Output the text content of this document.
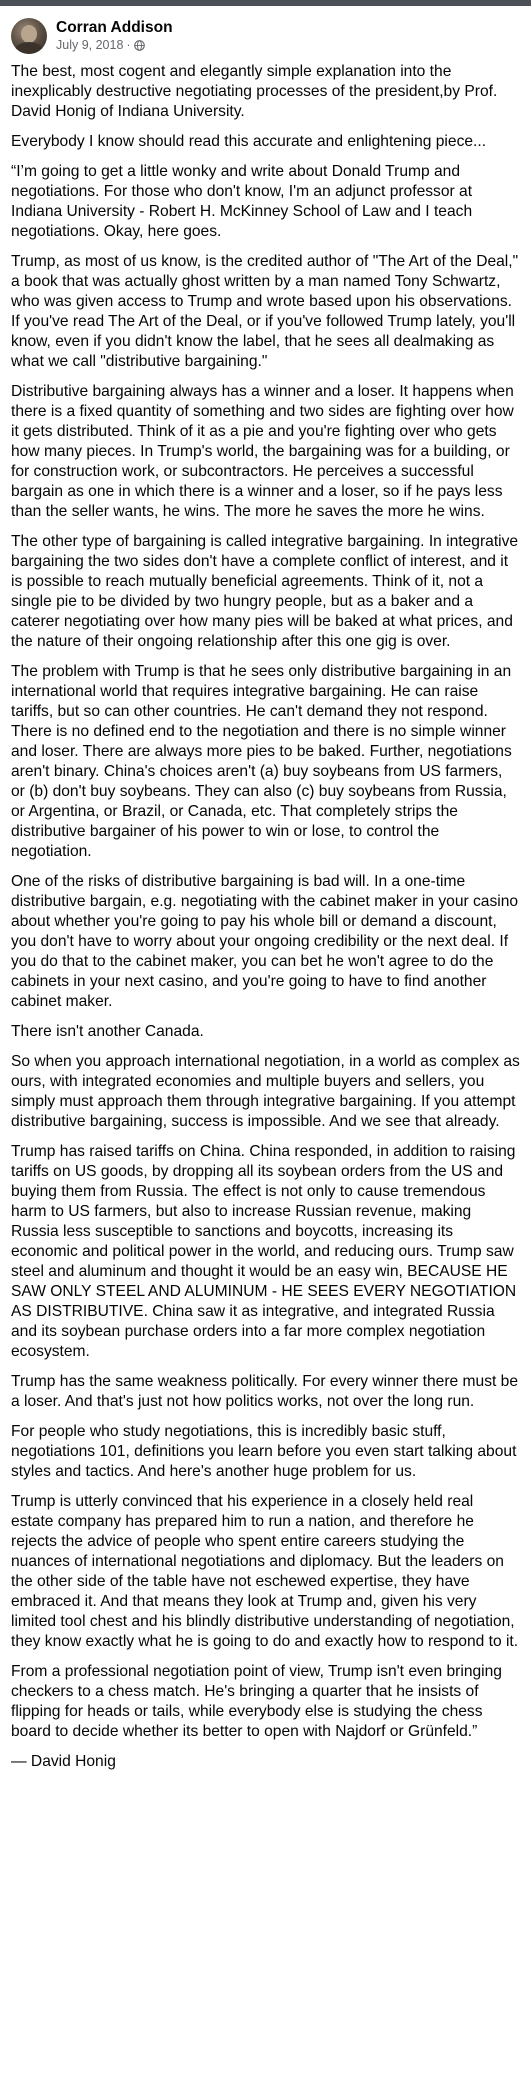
Corran Addison
July 9, 2018 ·

The best, most cogent and elegantly simple explanation into the inexplicably destructive negotiating processes of the president,by Prof. David Honig of Indiana University.

Everybody I know should read this accurate and enlightening piece...

“I’m going to get a little wonky and write about Donald Trump and negotiations. For those who don't know, I'm an adjunct professor at Indiana University - Robert H. McKinney School of Law and I teach negotiations. Okay, here goes.

Trump, as most of us know, is the credited author of "The Art of the Deal," a book that was actually ghost written by a man named Tony Schwartz, who was given access to Trump and wrote based upon his observations. If you've read The Art of the Deal, or if you've followed Trump lately, you'll know, even if you didn't know the label, that he sees all dealmaking as what we call "distributive bargaining."

Distributive bargaining always has a winner and a loser. It happens when there is a fixed quantity of something and two sides are fighting over how it gets distributed. Think of it as a pie and you're fighting over who gets how many pieces. In Trump's world, the bargaining was for a building, or for construction work, or subcontractors. He perceives a successful bargain as one in which there is a winner and a loser, so if he pays less than the seller wants, he wins. The more he saves the more he wins.

The other type of bargaining is called integrative bargaining. In integrative bargaining the two sides don't have a complete conflict of interest, and it is possible to reach mutually beneficial agreements. Think of it, not a single pie to be divided by two hungry people, but as a baker and a caterer negotiating over how many pies will be baked at what prices, and the nature of their ongoing relationship after this one gig is over.

The problem with Trump is that he sees only distributive bargaining in an international world that requires integrative bargaining. He can raise tariffs, but so can other countries. He can't demand they not respond. There is no defined end to the negotiation and there is no simple winner and loser. There are always more pies to be baked. Further, negotiations aren't binary. China's choices aren't (a) buy soybeans from US farmers, or (b) don't buy soybeans. They can also (c) buy soybeans from Russia, or Argentina, or Brazil, or Canada, etc. That completely strips the distributive bargainer of his power to win or lose, to control the negotiation.

One of the risks of distributive bargaining is bad will. In a one-time distributive bargain, e.g. negotiating with the cabinet maker in your casino about whether you're going to pay his whole bill or demand a discount, you don't have to worry about your ongoing credibility or the next deal. If you do that to the cabinet maker, you can bet he won't agree to do the cabinets in your next casino, and you're going to have to find another cabinet maker.

There isn't another Canada.

So when you approach international negotiation, in a world as complex as ours, with integrated economies and multiple buyers and sellers, you simply must approach them through integrative bargaining. If you attempt distributive bargaining, success is impossible. And we see that already.

Trump has raised tariffs on China. China responded, in addition to raising tariffs on US goods, by dropping all its soybean orders from the US and buying them from Russia. The effect is not only to cause tremendous harm to US farmers, but also to increase Russian revenue, making Russia less susceptible to sanctions and boycotts, increasing its economic and political power in the world, and reducing ours. Trump saw steel and aluminum and thought it would be an easy win, BECAUSE HE SAW ONLY STEEL AND ALUMINUM - HE SEES EVERY NEGOTIATION AS DISTRIBUTIVE. China saw it as integrative, and integrated Russia and its soybean purchase orders into a far more complex negotiation ecosystem.

Trump has the same weakness politically. For every winner there must be a loser. And that's just not how politics works, not over the long run.

For people who study negotiations, this is incredibly basic stuff, negotiations 101, definitions you learn before you even start talking about styles and tactics. And here's another huge problem for us.

Trump is utterly convinced that his experience in a closely held real estate company has prepared him to run a nation, and therefore he rejects the advice of people who spent entire careers studying the nuances of international negotiations and diplomacy. But the leaders on the other side of the table have not eschewed expertise, they have embraced it. And that means they look at Trump and, given his very limited tool chest and his blindly distributive understanding of negotiation, they know exactly what he is going to do and exactly how to respond to it.

From a professional negotiation point of view, Trump isn't even bringing checkers to a chess match. He's bringing a quarter that he insists of flipping for heads or tails, while everybody else is studying the chess board to decide whether its better to open with Najdorf or Grünfeld.”

— David Honig
